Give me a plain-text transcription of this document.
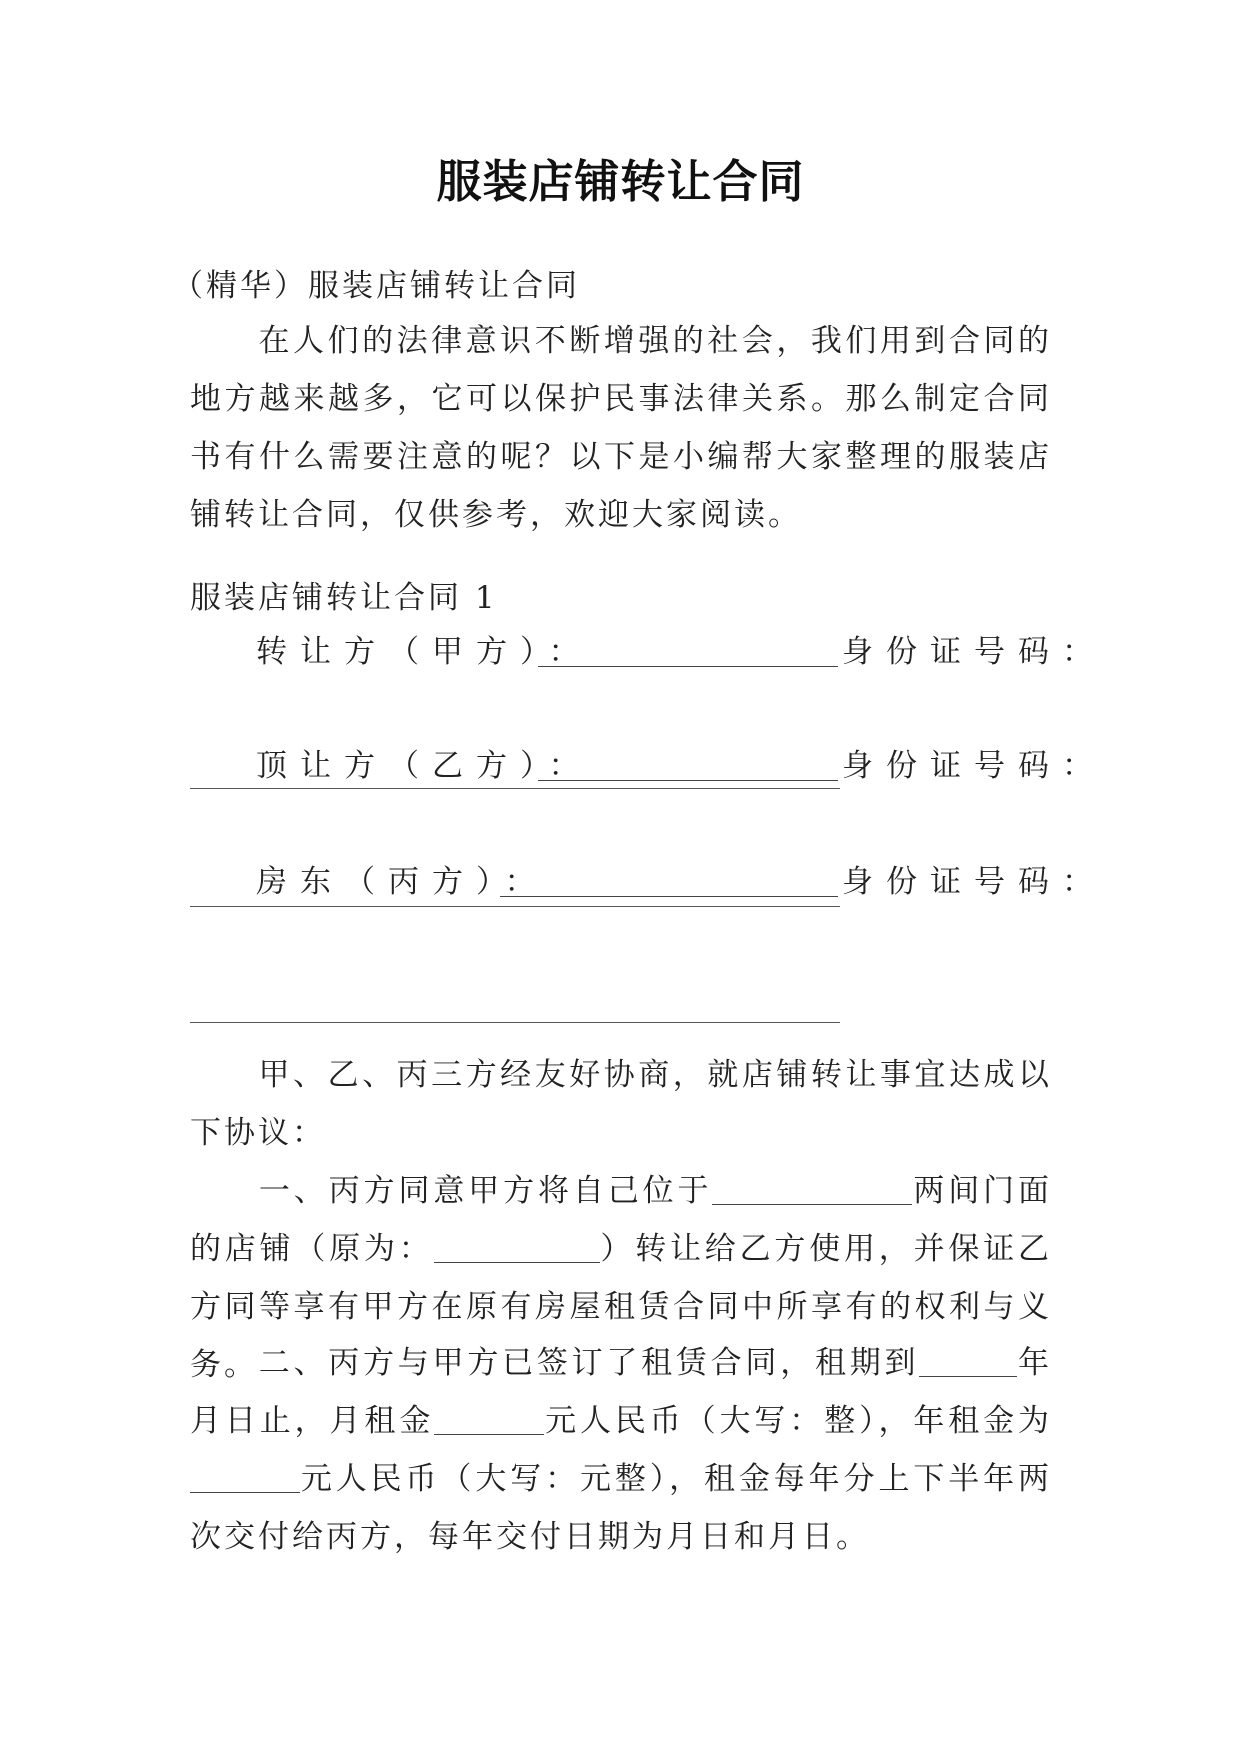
服装店铺转让合同
（精华）服装店铺转让合同
在人们的法律意识不断增强的社会，我们用到合同的地方越来越多，它可以保护民事法律关系。那么制定合同书有什么需要注意的呢？以下是小编帮大家整理的服装店铺转让合同，仅供参考，欢迎大家阅读。
服装店铺转让合同 1
转让方（甲方）：	身份证号码：
顶让方（乙方）：	身份证号码：
房东（丙方）：	身份证号码：
甲、乙、丙三方经友好协商，就店铺转让事宜达成以下协议：
一、丙方同意甲方将自己位于	两间门面的店铺（原为：	）转让给乙方使用，并保证乙方同等享有甲方在原有房屋租赁合同中所享有的权利与义务。 二、丙方与甲方已签订了租赁合同，租期到	年月日止，月租金	元人民币（大写：整），年租金为元人民币（大写：元整），租金每年分上下半年两次交付给丙方，每年交付日期为月日和月日。
